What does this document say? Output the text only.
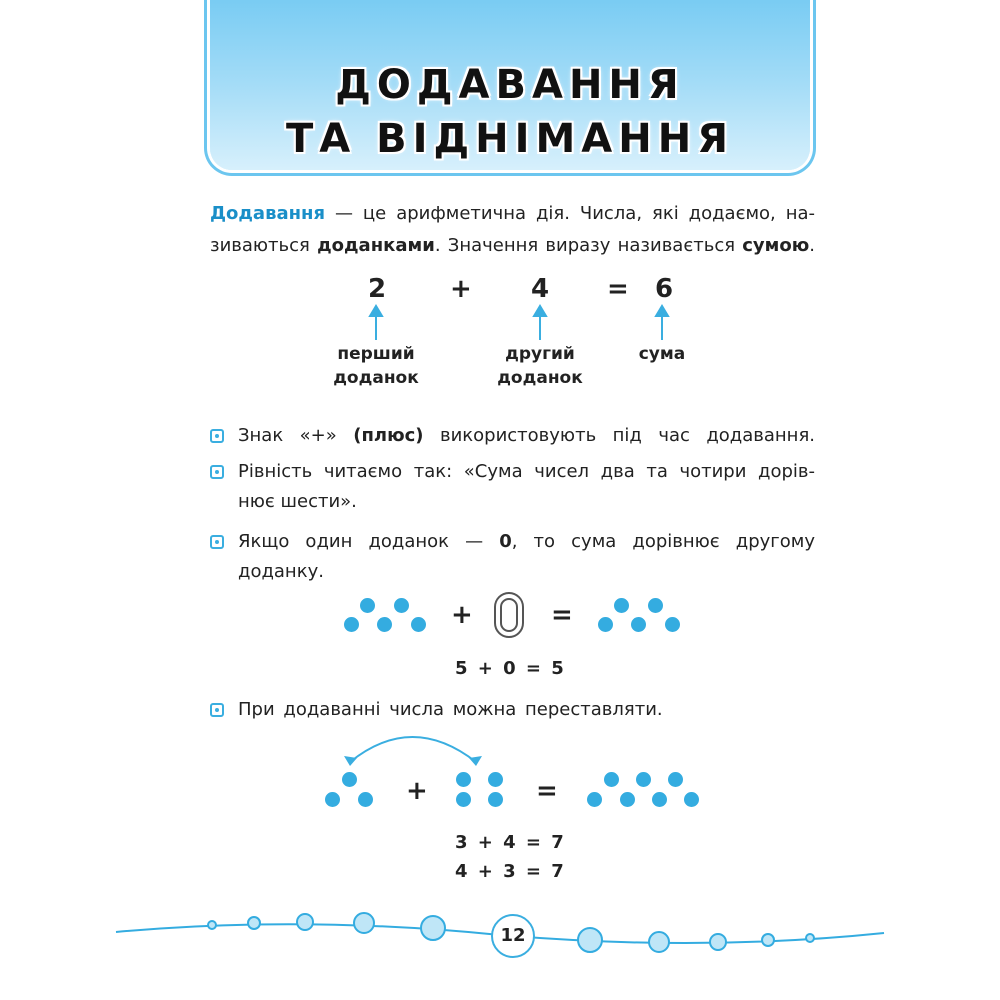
ДОДАВАННЯ
ТА ВІДНІМАННЯ
Додавання — це арифметична дія. Числа, які додаємо, на-
зиваються доданками. Значення виразу називається сумою.
2 + 4 = 6
перший
доданок
другий
доданок
сума
Знак «+» (плюс) використовують під час додавання.
Рівність читаємо так: «Сума чисел два та чотири дорів-
нює шести».
Якщо один доданок — 0, то сума дорівнює другому
доданку.
+	=
5 + 0 = 5
При додаванні числа можна переставляти.
+	=
3 + 4 = 7
4 + 3 = 7
12
